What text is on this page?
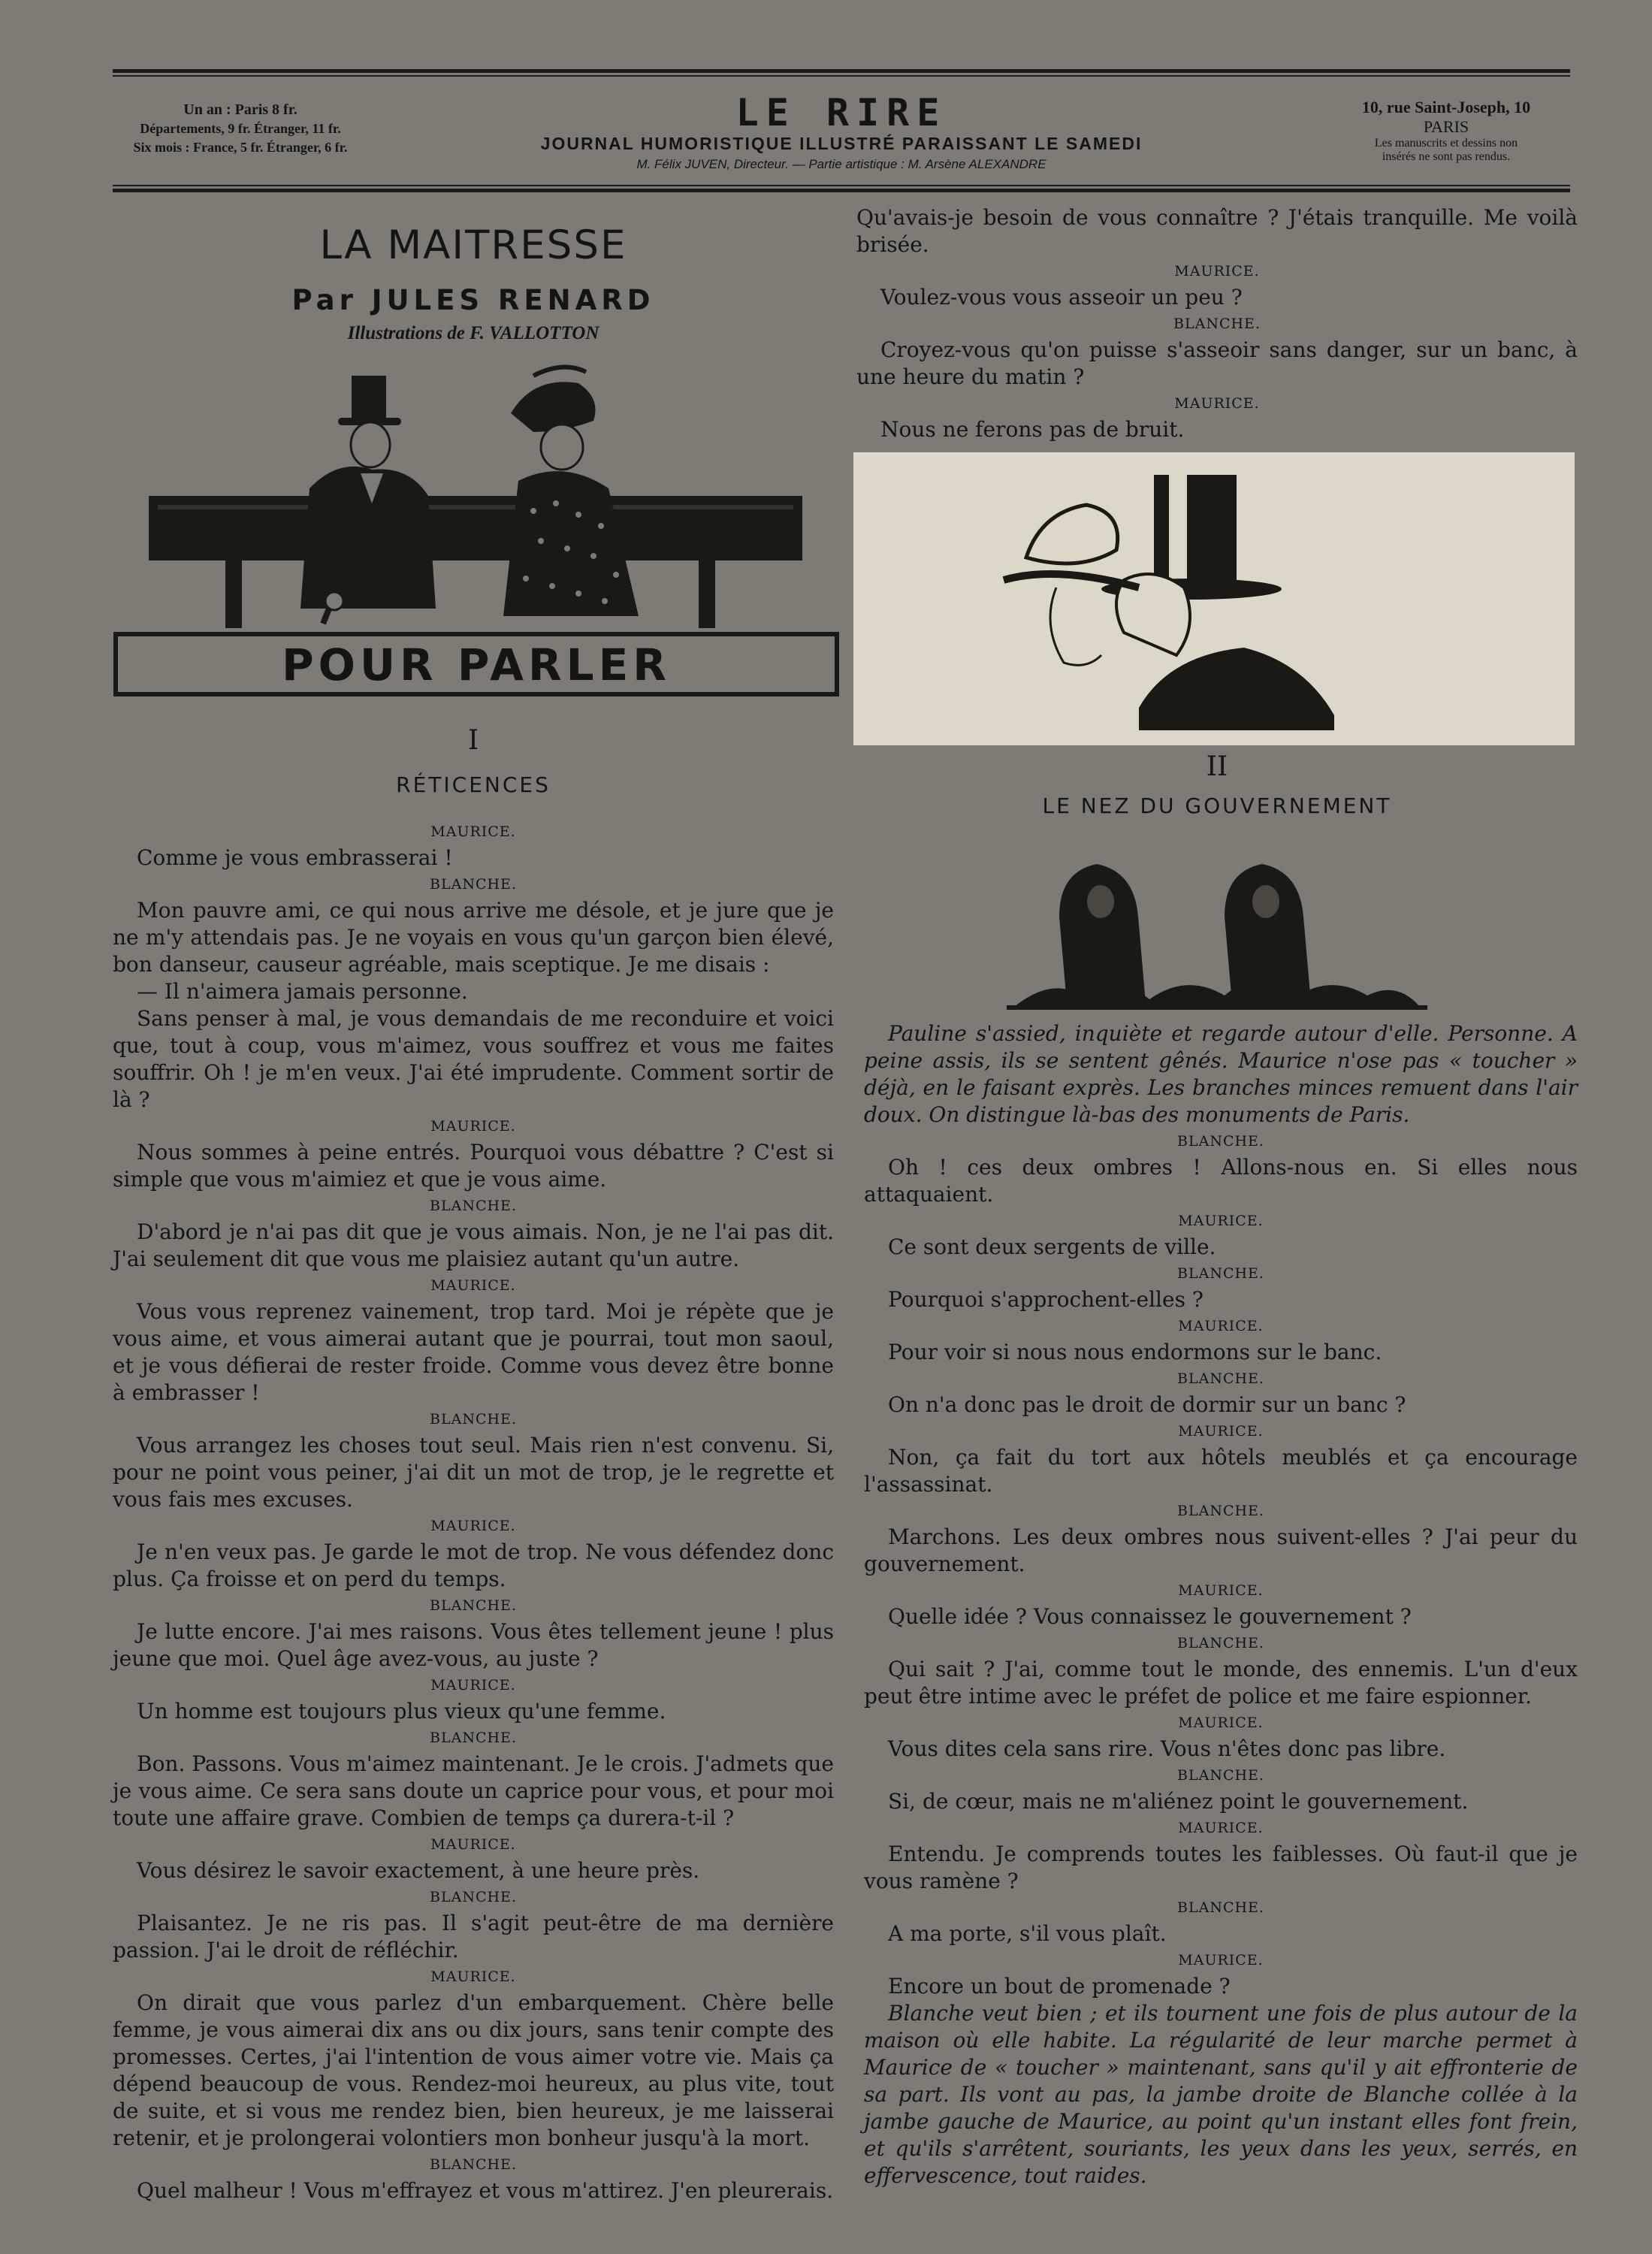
Un an : Paris 8 fr.
Départements, 9 fr. Étranger, 11 fr.
Six mois : France, 5 fr. Étranger, 6 fr.
LE RIRE
JOURNAL HUMORISTIQUE ILLUSTRÉ PARAISSANT LE SAMEDI
M. Félix JUVEN, Directeur. — Partie artistique : M. Arsène ALEXANDRE
10, rue Saint-Joseph, 10
PARIS
Les manuscrits et dessins non
insérés ne sont pas rendus.
LA MAITRESSE
Par JULES RENARD
Illustrations de F. VALLOTTON
POUR PARLER
I
RÉTICENCES
MAURICE.

Comme je vous embrasserai !

BLANCHE.

Mon pauvre ami, ce qui nous arrive me désole, et je jure que je ne m'y attendais pas. Je ne voyais en vous qu'un garçon bien élevé, bon danseur, causeur agréable, mais sceptique. Je me disais :

— Il n'aimera jamais personne.

Sans penser à mal, je vous demandais de me reconduire et voici que, tout à coup, vous m'aimez, vous souffrez et vous me faites souffrir. Oh ! je m'en veux. J'ai été imprudente. Comment sortir de là ?

MAURICE.

Nous sommes à peine entrés. Pourquoi vous débattre ? C'est si simple que vous m'aimiez et que je vous aime.

BLANCHE.

D'abord je n'ai pas dit que je vous aimais. Non, je ne l'ai pas dit. J'ai seulement dit que vous me plaisiez autant qu'un autre.

MAURICE.

Vous vous reprenez vainement, trop tard. Moi je répète que je vous aime, et vous aimerai autant que je pourrai, tout mon saoul, et je vous défierai de rester froide. Comme vous devez être bonne à embrasser !

BLANCHE.

Vous arrangez les choses tout seul. Mais rien n'est convenu. Si, pour ne point vous peiner, j'ai dit un mot de trop, je le regrette et vous fais mes excuses.

MAURICE.

Je n'en veux pas. Je garde le mot de trop. Ne vous défendez donc plus. Ça froisse et on perd du temps.

BLANCHE.

Je lutte encore. J'ai mes raisons. Vous êtes tellement jeune ! plus jeune que moi. Quel âge avez-vous, au juste ?

MAURICE.

Un homme est toujours plus vieux qu'une femme.

BLANCHE.

Bon. Passons. Vous m'aimez maintenant. Je le crois. J'admets que je vous aime. Ce sera sans doute un caprice pour vous, et pour moi toute une affaire grave. Combien de temps ça durera-t-il ?

MAURICE.

Vous désirez le savoir exactement, à une heure près.

BLANCHE.

Plaisantez. Je ne ris pas. Il s'agit peut-être de ma dernière passion. J'ai le droit de réfléchir.

MAURICE.

On dirait que vous parlez d'un embarquement. Chère belle femme, je vous aimerai dix ans ou dix jours, sans tenir compte des promesses. Certes, j'ai l'intention de vous aimer votre vie. Mais ça dépend beaucoup de vous. Rendez-moi heureux, au plus vite, tout de suite, et si vous me rendez bien, bien heureux, je me laisserai retenir, et je prolongerai volontiers mon bonheur jusqu'à la mort.

BLANCHE.

Quel malheur ! Vous m'effrayez et vous m'attirez. J'en pleurerais.

Qu'avais-je besoin de vous connaître ? J'étais tranquille. Me voilà brisée.

MAURICE.

Voulez-vous vous asseoir un peu ?

BLANCHE.

Croyez-vous qu'on puisse s'asseoir sans danger, sur un banc, à une heure du matin ?

MAURICE.

Nous ne ferons pas de bruit.

II
LE NEZ DU GOUVERNEMENT

Pauline s'assied, inquiète et regarde autour d'elle. Personne. A peine assis, ils se sentent gênés. Maurice n'ose pas « toucher » déjà, en le faisant exprès. Les branches minces remuent dans l'air doux. On distingue là-bas des monuments de Paris.

BLANCHE.

Oh ! ces deux ombres ! Allons-nous en. Si elles nous attaquaient.

MAURICE.

Ce sont deux sergents de ville.

BLANCHE.

Pourquoi s'approchent-elles ?

MAURICE.

Pour voir si nous nous endormons sur le banc.

BLANCHE.

On n'a donc pas le droit de dormir sur un banc ?

MAURICE.

Non, ça fait du tort aux hôtels meublés et ça encourage l'assassinat.

BLANCHE.

Marchons. Les deux ombres nous suivent-elles ? J'ai peur du gouvernement.

MAURICE.

Quelle idée ? Vous connaissez le gouvernement ?

BLANCHE.

Qui sait ? J'ai, comme tout le monde, des ennemis. L'un d'eux peut être intime avec le préfet de police et me faire espionner.

MAURICE.

Vous dites cela sans rire. Vous n'êtes donc pas libre.

BLANCHE.

Si, de cœur, mais ne m'aliénez point le gouvernement.

MAURICE.

Entendu. Je comprends toutes les faiblesses. Où faut-il que je vous ramène ?

BLANCHE.

A ma porte, s'il vous plaît.

MAURICE.

Encore un bout de promenade ?

Blanche veut bien ; et ils tournent une fois de plus autour de la maison où elle habite. La régularité de leur marche permet à Maurice de « toucher » maintenant, sans qu'il y ait effronterie de sa part. Ils vont au pas, la jambe droite de Blanche collée à la jambe gauche de Maurice, au point qu'un instant elles font frein, et qu'ils s'arrêtent, souriants, les yeux dans les yeux, serrés, en effervescence, tout raides.
